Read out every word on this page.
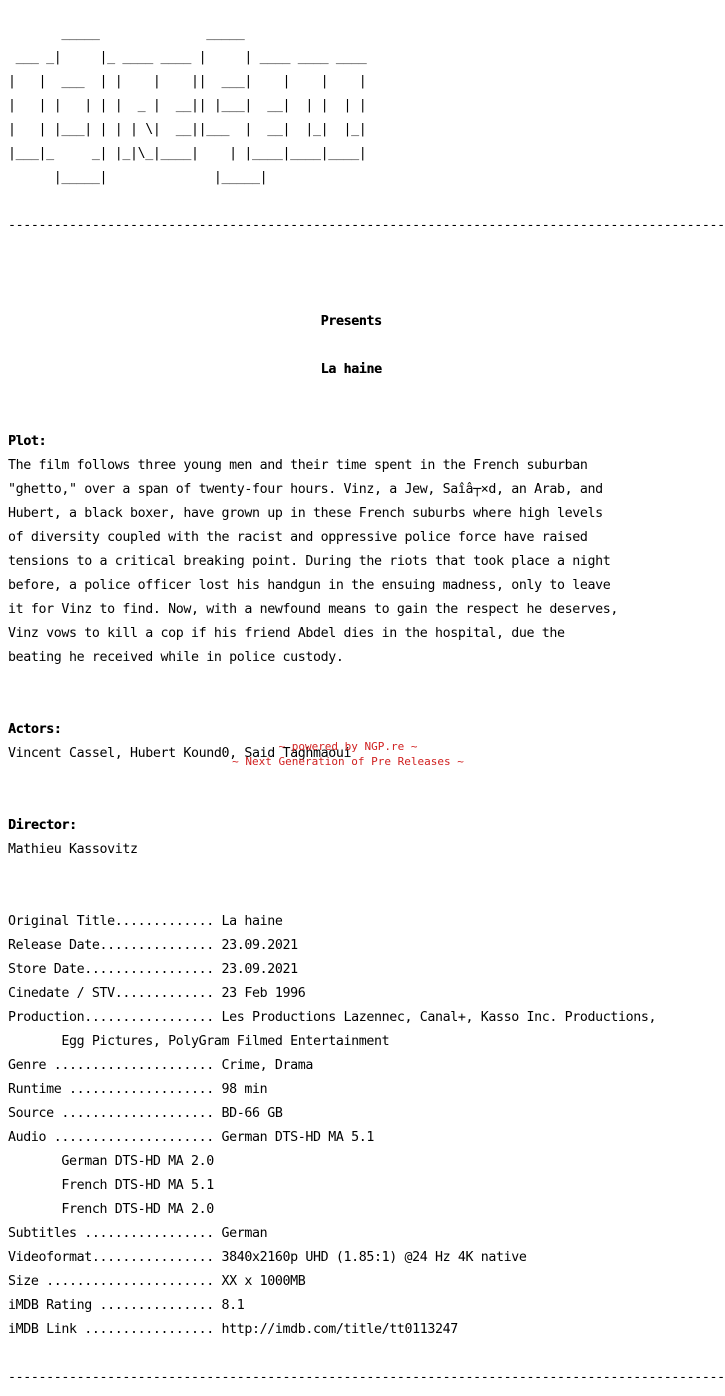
_____              _____

___ _|     |_ ____ ____ |     | ____ ____ ____

|   |  ___  | |    |    ||  ___|    |    |    |

|   | |   | | |  _ |  __|| |___|  __|  | |  | |

|   | |___| | | | \|  __||___  |  __|  |_|  |_|

|___|_     _| |_|\_|____|    | |____|____|____|

|_____|              |_____|

----------------------------------------------------------------------------------------------

Presents

La haine

Plot:

The film follows three young men and their time spent in the French suburban

"ghetto," over a span of twenty-four hours. Vinz, a Jew, Saîâ┬×d, an Arab, and

Hubert, a black boxer, have grown up in these French suburbs where high levels

of diversity coupled with the racist and oppressive police force have raised

tensions to a critical breaking point. During the riots that took place a night

before, a police officer lost his handgun in the ensuing madness, only to leave

it for Vinz to find. Now, with a newfound means to gain the respect he deserves,

Vinz vows to kill a cop if his friend Abdel dies in the hospital, due the

beating he received while in police custody.

Actors:

Vincent Cassel, Hubert Kound0, Said Taghmaoui

Director:

Mathieu Kassovitz

Original Title............. La haine

Release Date............... 23.09.2021

Store Date................. 23.09.2021

Cinedate / STV............. 23 Feb 1996

Production................. Les Productions Lazennec, Canal+, Kasso Inc. Productions,

Egg Pictures, PolyGram Filmed Entertainment

Genre ..................... Crime, Drama

Runtime ................... 98 min

Source .................... BD-66 GB

Audio ..................... German DTS-HD MA 5.1

German DTS-HD MA 2.0

French DTS-HD MA 5.1

French DTS-HD MA 2.0

Subtitles ................. German

Videoformat................ 3840x2160p UHD (1.85:1) @24 Hz 4K native

Size ...................... XX x 1000MB

iMDB Rating ............... 8.1

iMDB Link ................. http://imdb.com/title/tt0113247

----------------------------------------------------------------------------------------------

~ powered by NGP.re ~
~ Next Generation of Pre Releases ~
